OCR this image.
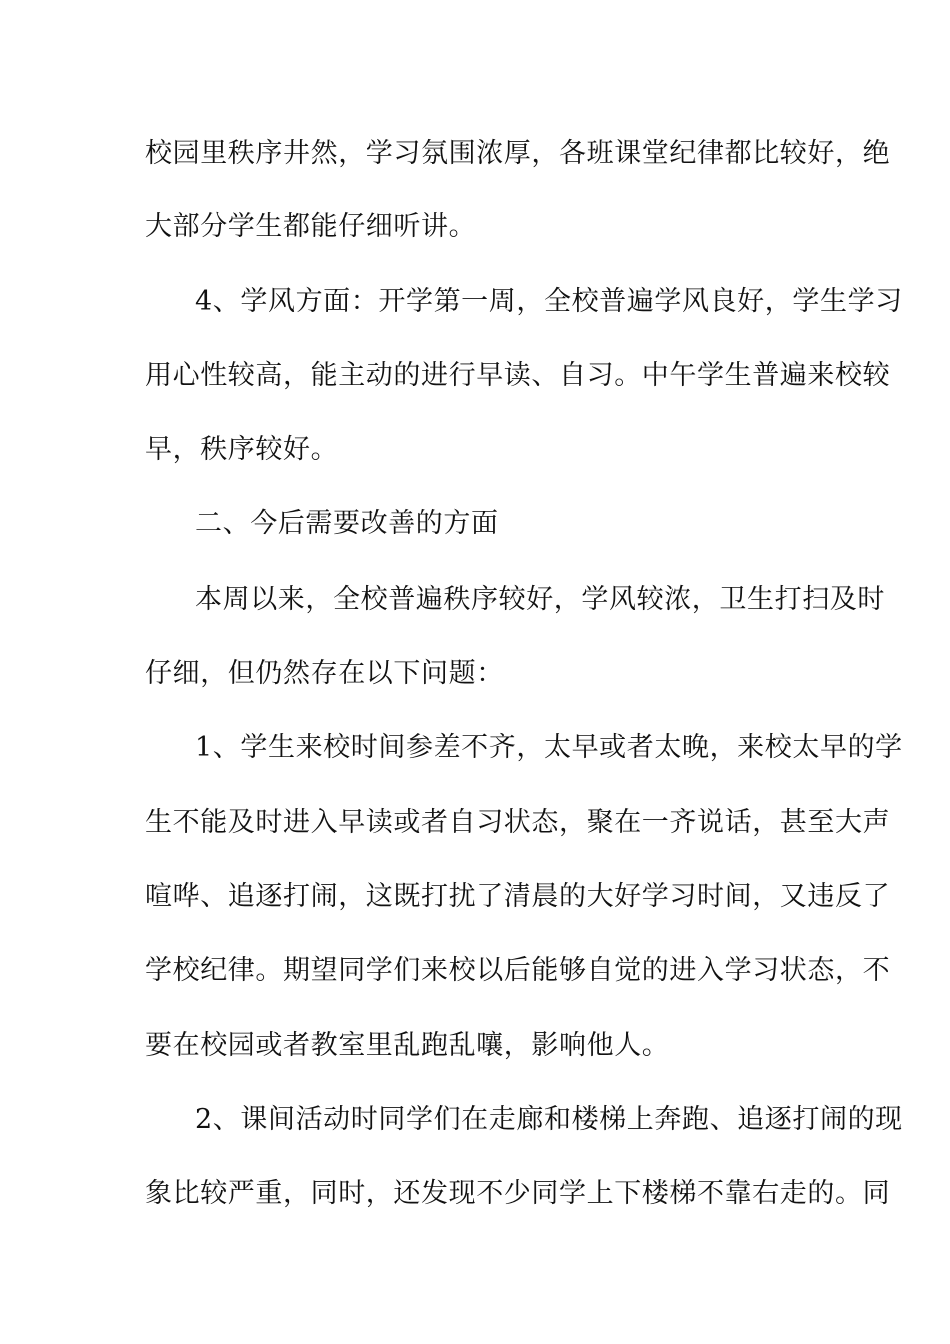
校园里秩序井然，学习氛围浓厚，各班课堂纪律都比较好，绝
大部分学生都能仔细听讲。
4、学风方面：开学第一周，全校普遍学风良好，学生学习
用心性较高，能主动的进行早读、自习。中午学生普遍来校较
早，秩序较好。
二、今后需要改善的方面
本周以来，全校普遍秩序较好，学风较浓，卫生打扫及时
仔细，但仍然存在以下问题：
1、学生来校时间参差不齐，太早或者太晚，来校太早的学
生不能及时进入早读或者自习状态，聚在一齐说话，甚至大声
喧哗、追逐打闹，这既打扰了清晨的大好学习时间，又违反了
学校纪律。期望同学们来校以后能够自觉的进入学习状态，不
要在校园或者教室里乱跑乱嚷，影响他人。
2、课间活动时同学们在走廊和楼梯上奔跑、追逐打闹的现
象比较严重，同时，还发现不少同学上下楼梯不靠右走的。同
